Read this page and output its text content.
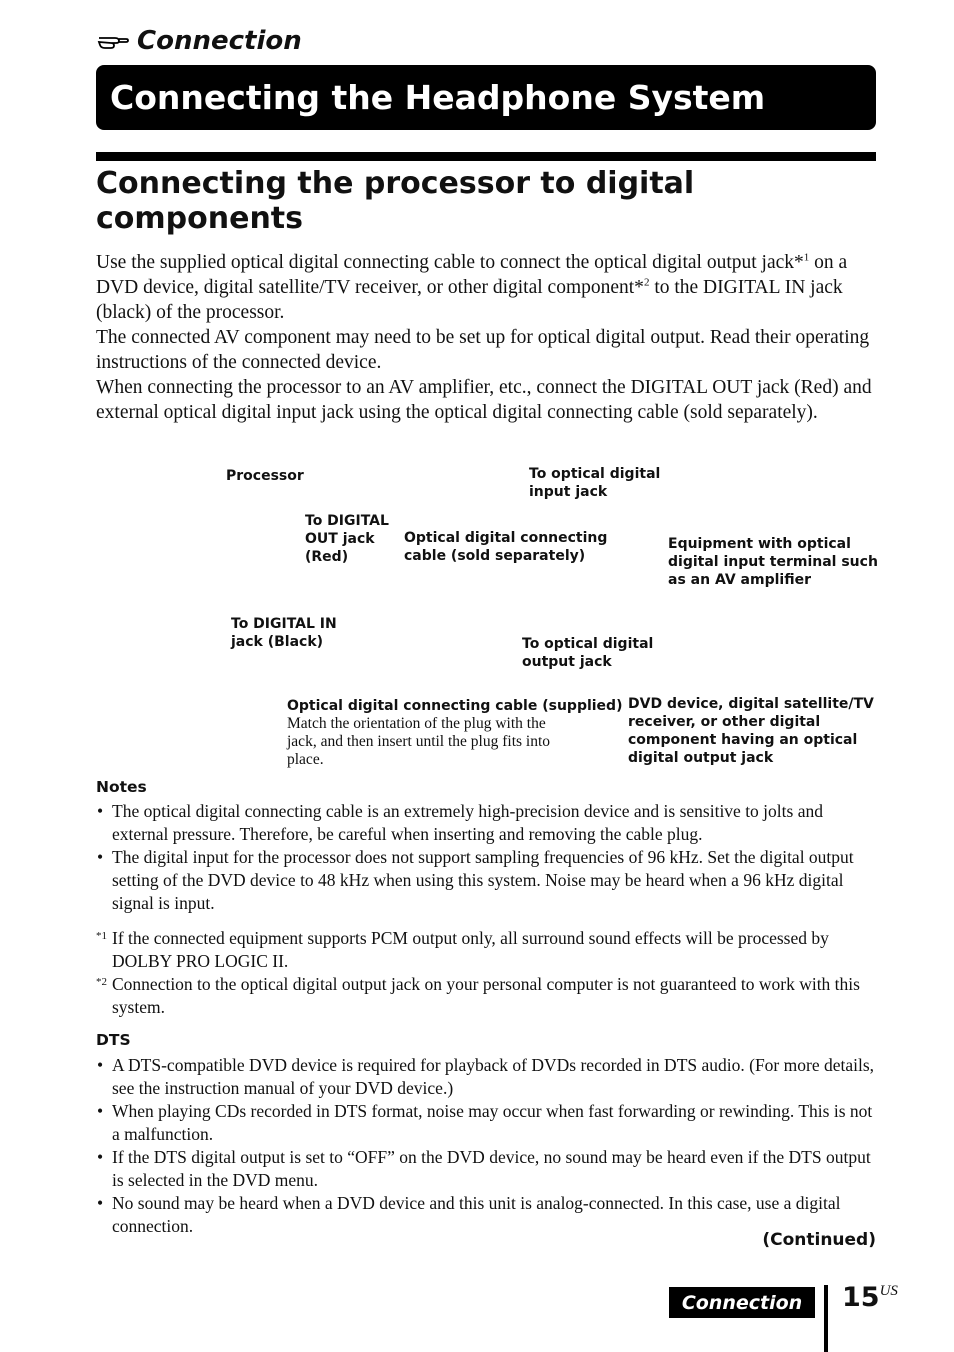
Connection
Connecting the Headphone System
Connecting the processor to digital components

Use the supplied optical digital connecting cable to connect the optical digital output jack*$^1$ on a DVD device, digital satellite/TV receiver, or other digital component*$^2$ to the DIGITAL IN jack (black) of the processor.

The connected AV component may need to be set up for optical digital output. Read their operating instructions of the connected device.

When connecting the processor to an AV amplifier, etc., connect the DIGITAL OUT jack (Red) and external optical digital input jack using the optical digital connecting cable (sold separately).

Processor
To DIGITAL
OUT jack
(Red)
Optical digital connecting
cable (sold separately)
To optical digital
input jack
Equipment with optical
digital input terminal such
as an AV amplifier
To DIGITAL IN
jack (Black)	To optical digital
output jack
Optical digital connecting cable (supplied)
Match the orientation of the plug with the
jack, and then insert until the plug fits into
place.
DVD device, digital satellite/TV
receiver, or other digital
component having an optical
digital output jack
Notes
• The optical digital connecting cable is an extremely high-precision device and is sensitive to jolts and external pressure. Therefore, be careful when inserting and removing the cable plug.
• The digital input for the processor does not support sampling frequencies of 96 kHz. Set the digital output setting of the DVD device to 48 kHz when using this system. Noise may be heard when a 96 kHz digital signal is input.
*1 If the connected equipment supports PCM output only, all surround sound effects will be processed by DOLBY PRO LOGIC II.
*2 Connection to the optical digital output jack on your personal computer is not guaranteed to work with this system.
DTS
• A DTS-compatible DVD device is required for playback of DVDs recorded in DTS audio. (For more details, see the instruction manual of your DVD device.)
• When playing CDs recorded in DTS format, noise may occur when fast forwarding or rewinding. This is not a malfunction.
• If the DTS digital output is set to “OFF” on the DVD device, no sound may be heard even if the DTS output is selected in the DVD menu.
• No sound may be heard when a DVD device and this unit is analog-connected. In this case, use a digital connection.
(Continued)
Connection $15^{US}$
